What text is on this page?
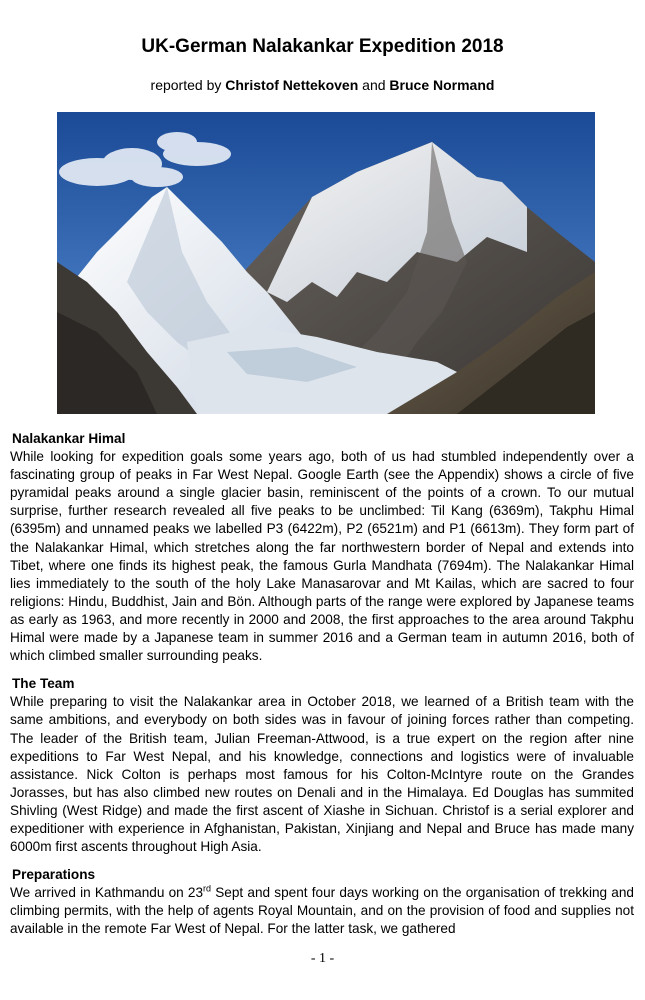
UK-German Nalakankar Expedition 2018
reported by Christof Nettekoven and Bruce Normand
Nalakankar Himal
While looking for expedition goals some years ago, both of us had stumbled independently over a fascinating group of peaks in Far West Nepal. Google Earth (see the Appendix) shows a circle of five pyramidal peaks around a single glacier basin, reminiscent of the points of a crown. To our mutual surprise, further research revealed all five peaks to be unclimbed: Til Kang (6369m), Takphu Himal (6395m) and unnamed peaks we labelled P3 (6422m), P2 (6521m) and P1 (6613m). They form part of the Nalakankar Himal, which stretches along the far northwestern border of Nepal and extends into Tibet, where one finds its highest peak, the famous Gurla Mandhata (7694m). The Nalakankar Himal lies immediately to the south of the holy Lake Manasarovar and Mt Kailas, which are sacred to four religions: Hindu, Buddhist, Jain and Bön. Although parts of the range were explored by Japanese teams as early as 1963, and more recently in 2000 and 2008, the first approaches to the area around Takphu Himal were made by a Japanese team in summer 2016 and a German team in autumn 2016, both of which climbed smaller surrounding peaks.
The Team
While preparing to visit the Nalakankar area in October 2018, we learned of a British team with the same ambitions, and everybody on both sides was in favour of joining forces rather than competing. The leader of the British team, Julian Freeman-Attwood, is a true expert on the region after nine expeditions to Far West Nepal, and his knowledge, connections and logistics were of invaluable assistance. Nick Colton is perhaps most famous for his Colton-McIntyre route on the Grandes Jorasses, but has also climbed new routes on Denali and in the Himalaya. Ed Douglas has summited Shivling (West Ridge) and made the first ascent of Xiashe in Sichuan. Christof is a serial explorer and expeditioner with experience in Afghanistan, Pakistan, Xinjiang and Nepal and Bruce has made many 6000m first ascents throughout High Asia.
Preparations
We arrived in Kathmandu on 23rd Sept and spent four days working on the organisation of trekking and climbing permits, with the help of agents Royal Mountain, and on the provision of food and supplies not available in the remote Far West of Nepal. For the latter task, we gathered
- 1 -
